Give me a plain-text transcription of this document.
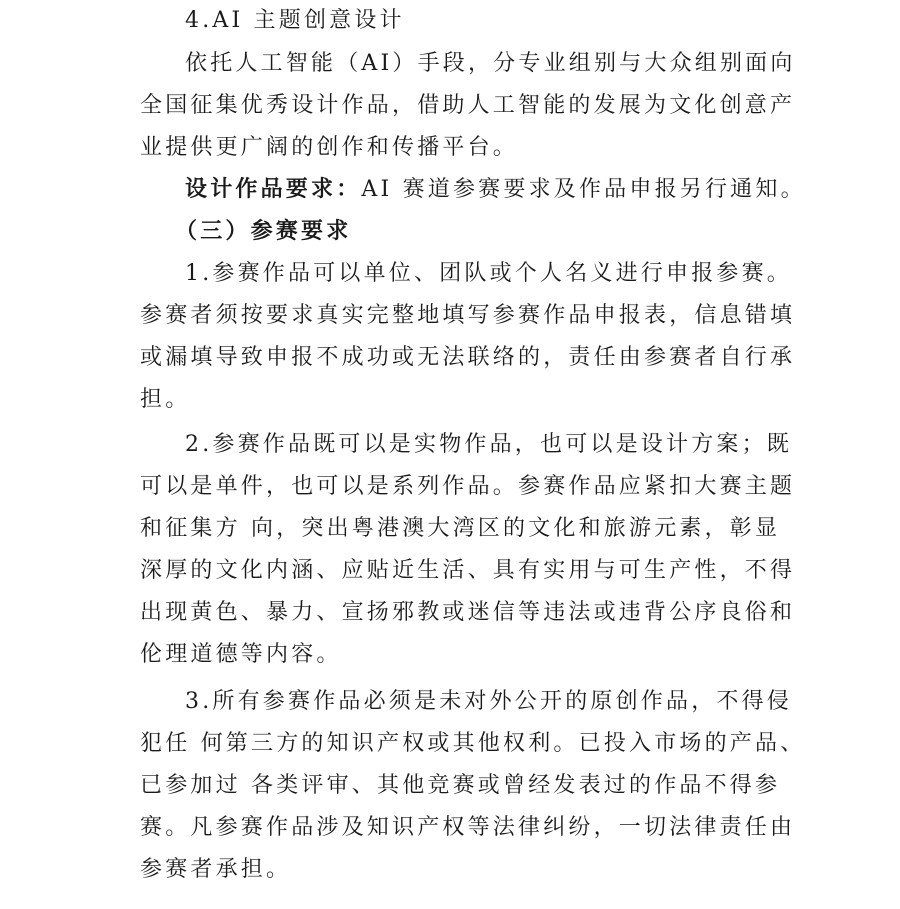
4.AI 主题创意设计
依托人工智能（AI）手段，分专业组别与大众组别面向
全国征集优秀设计作品，借助人工智能的发展为文化创意产
业提供更广阔的创作和传播平台。
设计作品要求：AI 赛道参赛要求及作品申报另行通知。
（三）参赛要求
1.参赛作品可以单位、团队或个人名义进行申报参赛。
参赛者须按要求真实完整地填写参赛作品申报表，信息错填
或漏填导致申报不成功或无法联络的，责任由参赛者自行承
担。
2.参赛作品既可以是实物作品，也可以是设计方案；既
可以是单件，也可以是系列作品。参赛作品应紧扣大赛主题
和征集方 向，突出粤港澳大湾区的文化和旅游元素，彰显
深厚的文化内涵、应贴近生活、具有实用与可生产性，不得
出现黄色、暴力、宣扬邪教或迷信等违法或违背公序良俗和
伦理道德等内容。
3.所有参赛作品必须是未对外公开的原创作品，不得侵
犯任 何第三方的知识产权或其他权利。已投入市场的产品、
已参加过 各类评审、其他竞赛或曾经发表过的作品不得参
赛。凡参赛作品涉及知识产权等法律纠纷，一切法律责任由
参赛者承担。
